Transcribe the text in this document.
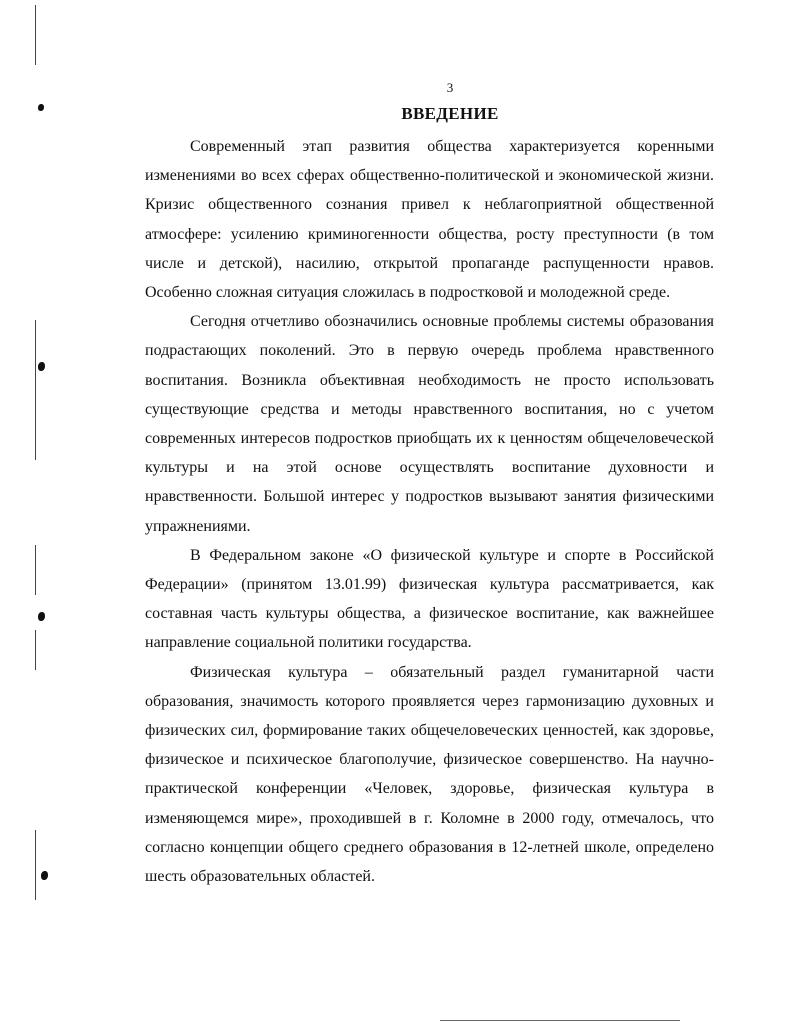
3
ВВЕДЕНИЕ

Современный этап развития общества характеризуется коренными изменениями во всех сферах общественно-политической и экономической жизни. Кризис общественного сознания привел к неблагоприятной общественной атмосфере: усилению криминогенности общества, росту преступности (в том числе и детской), насилию, открытой пропаганде распущенности нравов. Особенно сложная ситуация сложилась в подростковой и молодежной среде.

Сегодня отчетливо обозначились основные проблемы системы образования подрастающих поколений. Это в первую очередь проблема нравственного воспитания. Возникла объективная необходимость не просто использовать существующие средства и методы нравственного воспитания, но с учетом современных интересов подростков приобщать их к ценностям общечеловеческой культуры и на этой основе осуществлять воспитание духовности и нравственности. Большой интерес у подростков вызывают занятия физическими упражнениями.

В Федеральном законе «О физической культуре и спорте в Российской Федерации» (принятом 13.01.99) физическая культура рассматривается, как составная часть культуры общества, а физическое воспитание, как важнейшее направление социальной политики государства.

Физическая культура – обязательный раздел гуманитарной части образования, значимость которого проявляется через гармонизацию духовных и физических сил, формирование таких общечеловеческих ценностей, как здоровье, физическое и психическое благополучие, физическое совершенство. На научно-практической конференции «Человек, здоровье, физическая культура в изменяющемся мире», проходившей в г. Коломне в 2000 году, отмечалось, что согласно концепции общего среднего образования в 12-летней школе, определено шесть образовательных областей.
